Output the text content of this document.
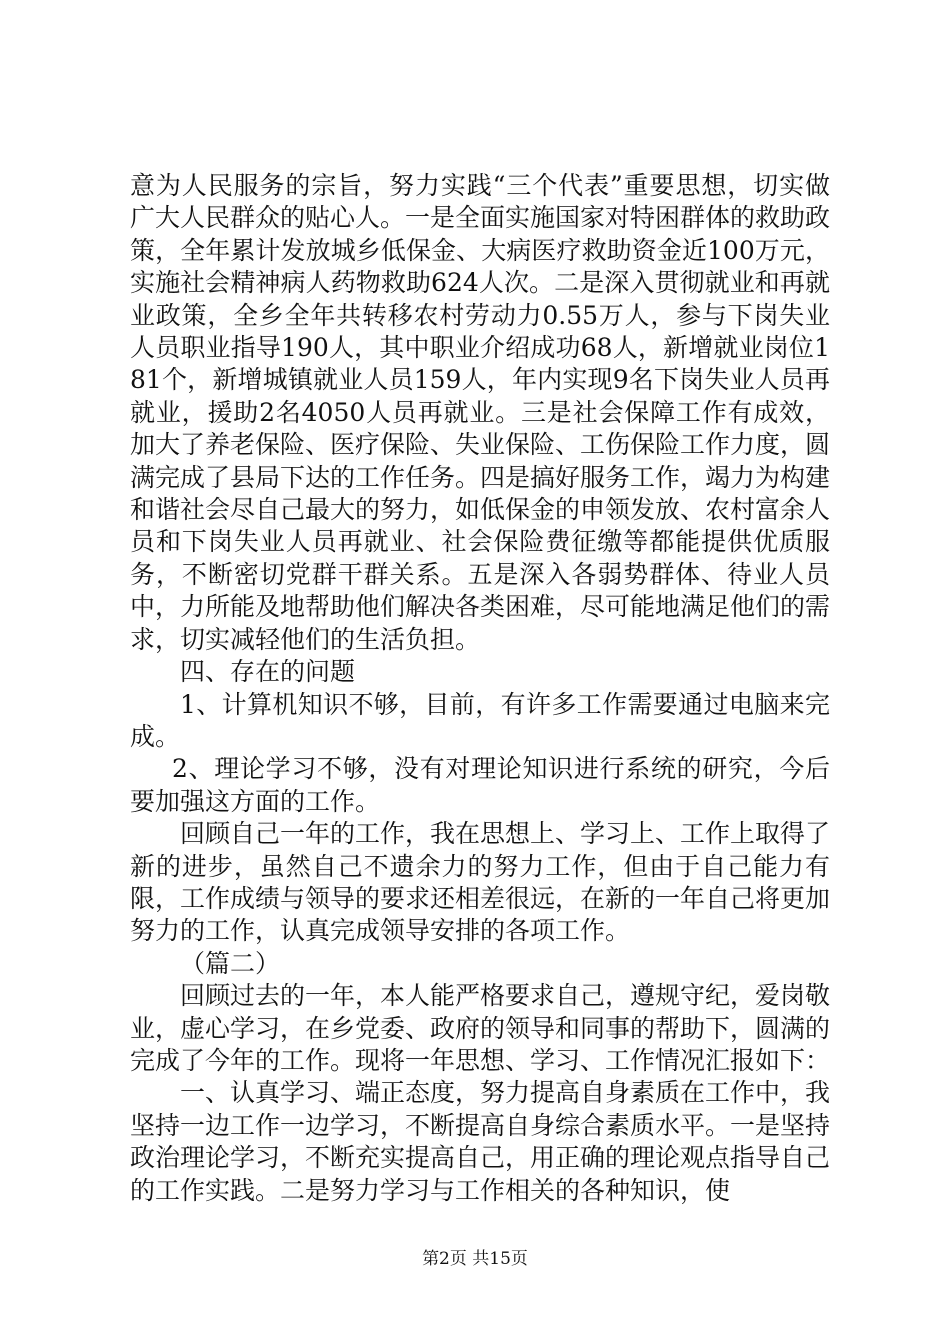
意为人民服务的宗旨，努力实践“三个代表”重要思想，切实做广大人民群众的贴心人。一是全面实施国家对特困群体的救助政策，全年累计发放城乡低保金、大病医疗救助资金近100万元，实施社会精神病人药物救助624人次。二是深入贯彻就业和再就业政策，全乡全年共转移农村劳动力0.55万人，参与下岗失业人员职业指导190人，其中职业介绍成功68人，新增就业岗位181个，新增城镇就业人员159人，年内实现9名下岗失业人员再就业，援助2名4050人员再就业。三是社会保障工作有成效，加大了养老保险、医疗保险、失业保险、工伤保险工作力度，圆满完成了县局下达的工作任务。四是搞好服务工作，竭力为构建和谐社会尽自己最大的努力，如低保金的申领发放、农村富余人员和下岗失业人员再就业、社会保险费征缴等都能提供优质服务，不断密切党群干群关系。五是深入各弱势群体、待业人员中，力所能及地帮助他们解决各类困难，尽可能地满足他们的需求，切实减轻他们的生活负担。

四、存在的问题

1、计算机知识不够，目前，有许多工作需要通过电脑来完成。

2、理论学习不够，没有对理论知识进行系统的研究，今后要加强这方面的工作。

回顾自己一年的工作，我在思想上、学习上、工作上取得了新的进步，虽然自己不遗余力的努力工作，但由于自己能力有限，工作成绩与领导的要求还相差很远，在新的一年自己将更加努力的工作，认真完成领导安排的各项工作。

（篇二）

回顾过去的一年，本人能严格要求自己，遵规守纪，爱岗敬业，虚心学习，在乡党委、政府的领导和同事的帮助下，圆满的完成了今年的工作。现将一年思想、学习、工作情况汇报如下：

一、认真学习、端正态度，努力提高自身素质在工作中，我坚持一边工作一边学习，不断提高自身综合素质水平。一是坚持政治理论学习，不断充实提高自己，用正确的理论观点指导自己的工作实践。二是努力学习与工作相关的各种知识，使

第2页 共15页
